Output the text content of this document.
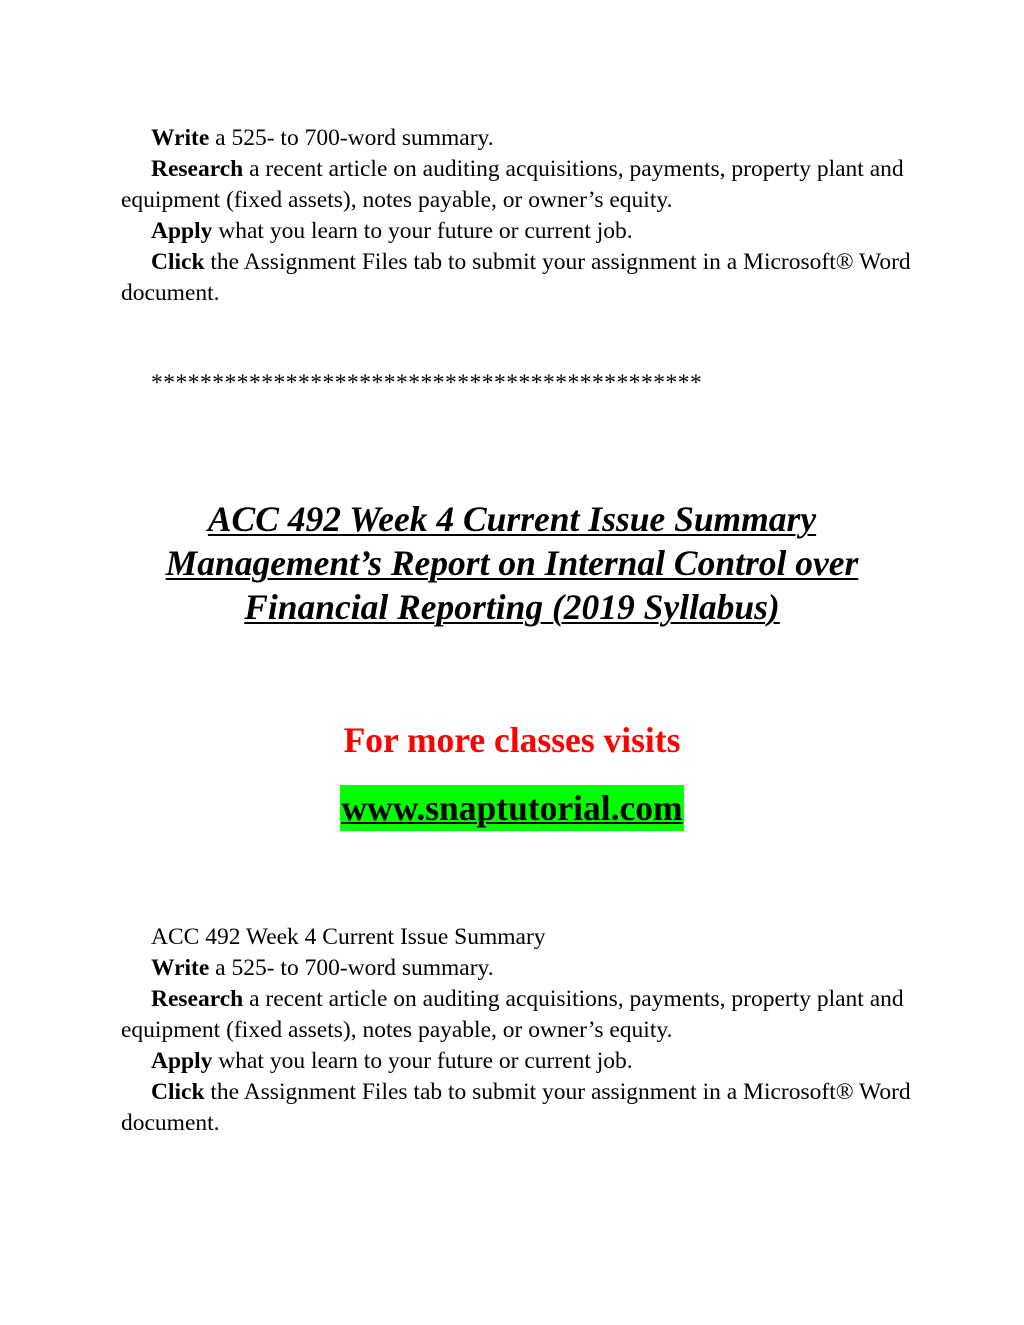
Write a 525- to 700-word summary.

Research a recent article on auditing acquisitions, payments, property plant and equipment (fixed assets), notes payable, or owner’s equity.

Apply what you learn to your future or current job.

Click the Assignment Files tab to submit your assignment in a Microsoft® Word document.

*********************************************
ACC 492 Week 4 Current Issue Summary
Management’s Report on Internal Control over
Financial Reporting (2019 Syllabus)
For more classes visits
www.snaptutorial.com

ACC 492 Week 4 Current Issue Summary

Write a 525- to 700-word summary.

Research a recent article on auditing acquisitions, payments, property plant and equipment (fixed assets), notes payable, or owner’s equity.

Apply what you learn to your future or current job.

Click the Assignment Files tab to submit your assignment in a Microsoft® Word document.
